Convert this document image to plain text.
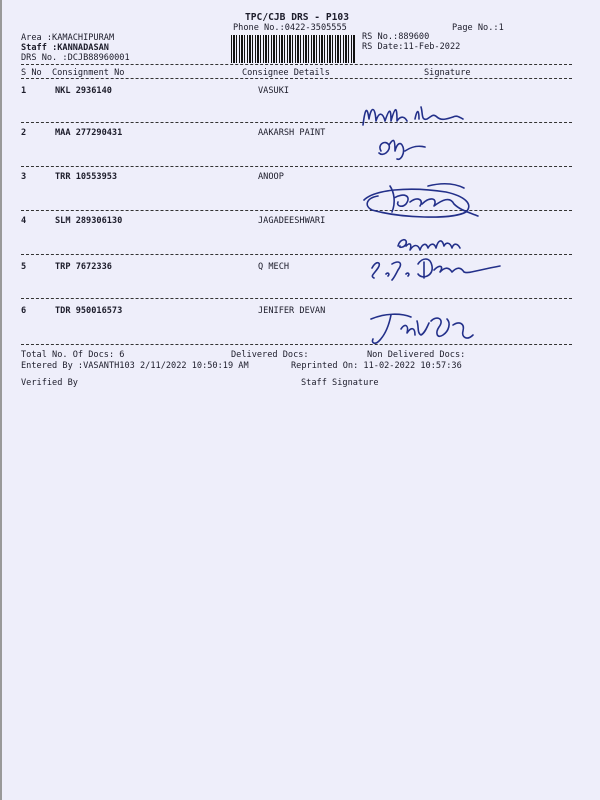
TPC/CJB DRS - P103
Phone No.:0422-3505555	Page No.:1
Area :KAMACHIPURAM
Staff :KANNADASAN
DRS No. :DCJB88960001
RS No.:889600
RS Date:11-Feb-2022
S No Consignment No	Consignee Details	Signature
1	NKL 2936140	VASUKI
2	MAA 277290431	AAKARSH PAINT
3	TRR 10553953	ANOOP
4	SLM 289306130	JAGADEESHWARI
5	TRP 7672336	Q MECH
6	TDR 950016573	JENIFER DEVAN
Total No. Of Docs: 6	Delivered Docs:	Non Delivered Docs:
Entered By :VASANTH103 2/11/2022 10:50:19 AM	Reprinted On: 11-02-2022 10:57:36
Verified By	Staff Signature
